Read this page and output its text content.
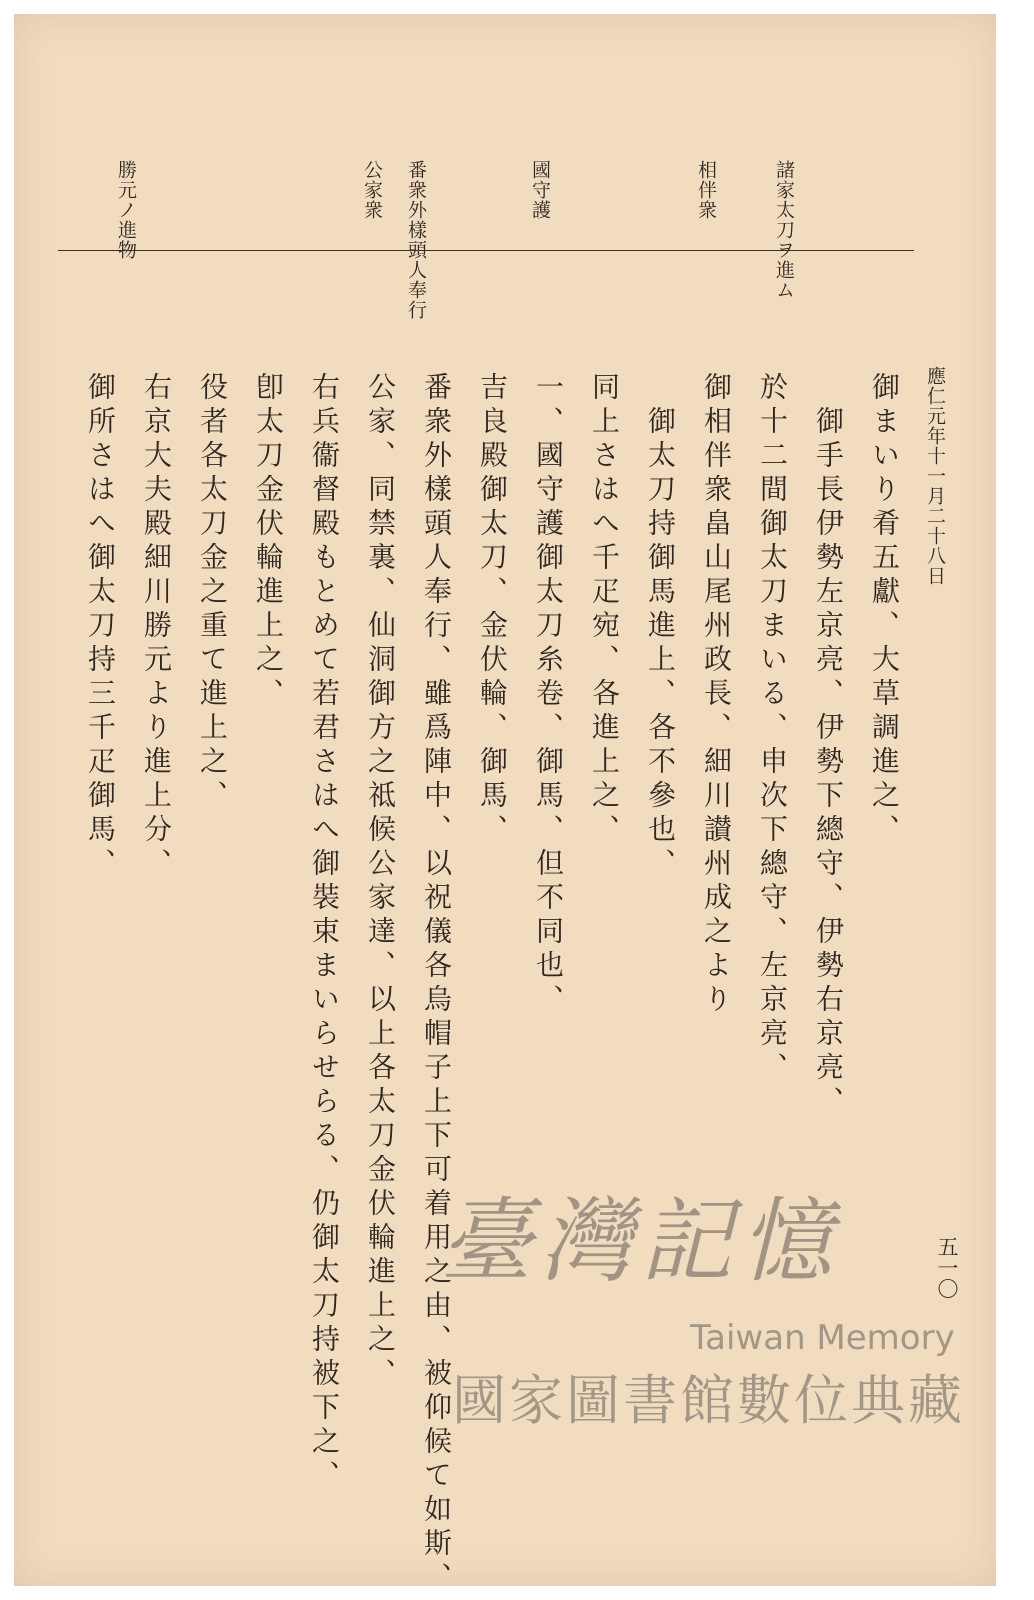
諸家太刀ヲ進ム
相伴衆
國守護
番衆外樣頭人奉行
公家衆
勝元ノ進物
應仁元年十一月二十八日
御まいり肴五獻、大草調進之、
　御手長伊勢左京亮、伊勢下總守、伊勢右京亮、
於十二間御太刀まいる、申次下總守、左京亮、
御相伴衆畠山尾州政長、細川讃州成之より
　御太刀持御馬進上、各不參也、
同上さはへ千疋宛、各進上之、
一、國守護御太刀糸卷、御馬、但不同也、
吉良殿御太刀、金伏輪、御馬、
番衆外樣頭人奉行、雖爲陣中、以祝儀各烏帽子上下可着用之由、被仰候て如斯、
公家、同禁裏、仙洞御方之祗候公家達、以上各太刀金伏輪進上之、
右兵衞督殿もとめて若君さはへ御裝束まいらせらる、仍御太刀持被下之、
卽太刀金伏輪進上之、
役者各太刀金之重て進上之、
右京大夫殿細川勝元より進上分、
御所さはへ御太刀持三千疋御馬、
五一〇
臺灣記憶
Taiwan Memory
國家圖書館數位典藏
